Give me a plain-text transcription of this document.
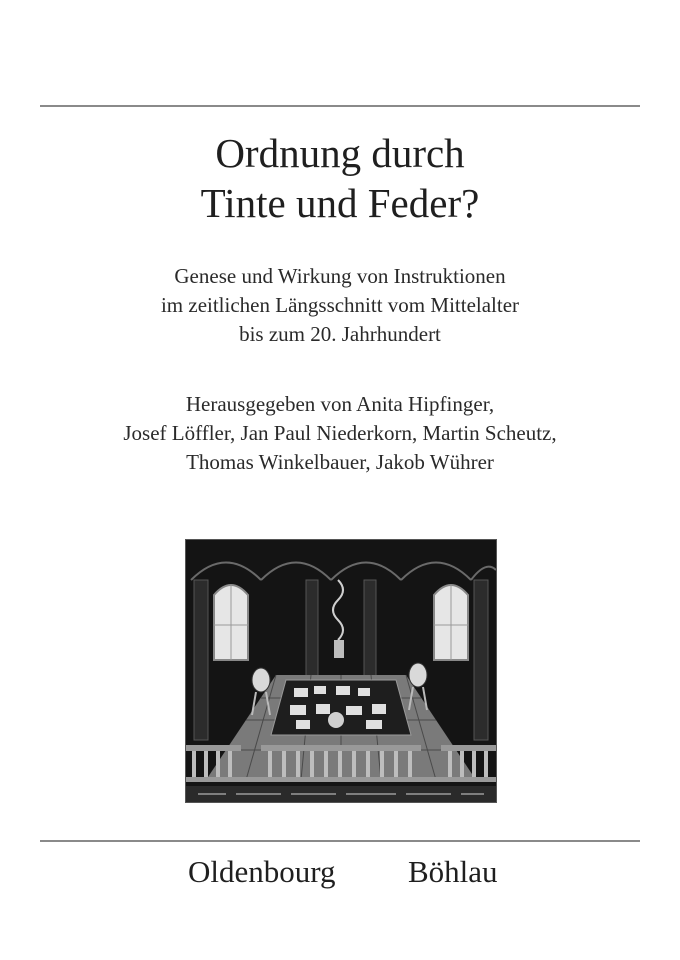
Ordnung durch
Tinte und Feder?
Genese und Wirkung von Instruktionen
im zeitlichen Längsschnitt vom Mittelalter
bis zum 20. Jahrhundert
Herausgegeben von Anita Hipfinger,
Josef Löffler, Jan Paul Niederkorn, Martin Scheutz,
Thomas Winkelbauer, Jakob Wührer
Oldenbourg Böhlau
